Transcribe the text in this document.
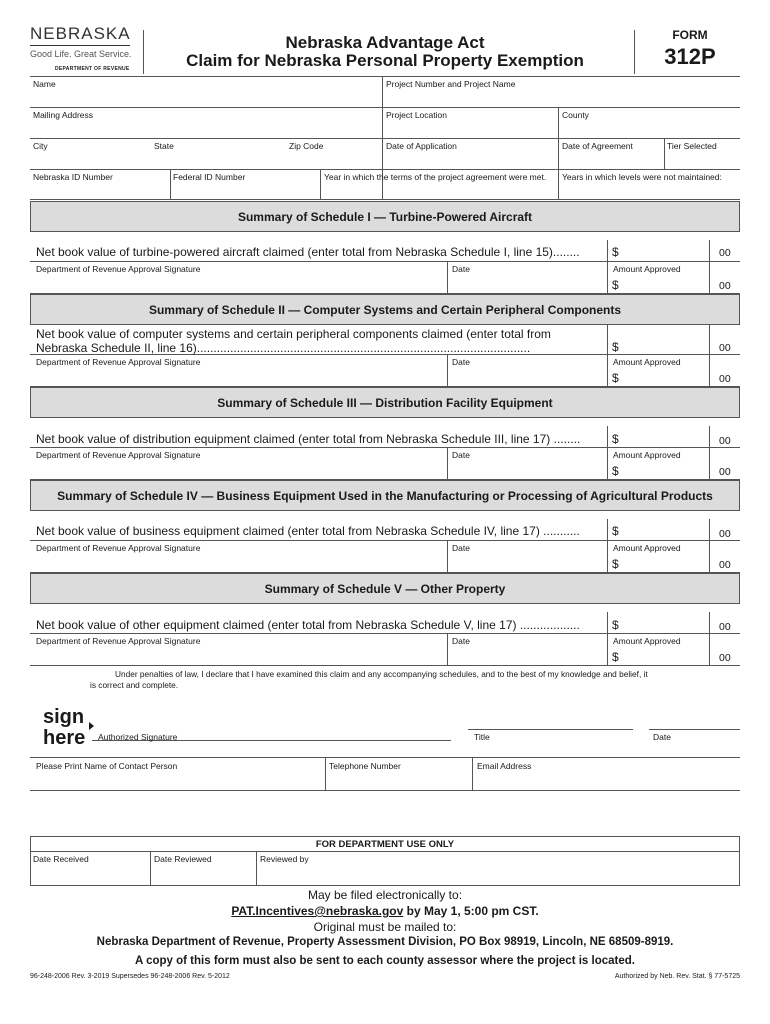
NEBRASKA
Good Life. Great Service.
DEPARTMENT OF REVENUE
Nebraska Advantage Act
Claim for Nebraska Personal Property Exemption
FORM
312P
Name	Project Number and Project Name
Mailing Address	Project Location	County
City	State	Zip Code	Date of Application	Date of Agreement	Tier Selected
Nebraska ID Number	Federal ID Number	Year in which the terms of the project agreement were met. Years in which levels were not maintained:
Summary of Schedule I — Turbine-Powered Aircraft
Net book value of turbine-powered aircraft claimed (enter total from Nebraska Schedule I, line 15)........	$	00
Department of Revenue Approval Signature	Date	Amount Approved
$	00
Summary of Schedule II — Computer Systems and Certain Peripheral Components
Net book value of computer systems and certain peripheral components claimed (enter total from
Nebraska Schedule II, line 16)....................................................................................................	$	00
Department of Revenue Approval Signature	Date	Amount Approved
$	00
Summary of Schedule III — Distribution Facility Equipment
Net book value of distribution equipment claimed (enter total from Nebraska Schedule III, line 17) ........	$	00
Department of Revenue Approval Signature	Date	Amount Approved
$	00
Summary of Schedule IV — Business Equipment Used in the Manufacturing or Processing of Agricultural Products
Net book value of business equipment claimed (enter total from Nebraska Schedule IV, line 17) ...........	$	00
Department of Revenue Approval Signature	Date	Amount Approved
$	00
Summary of Schedule V — Other Property
Net book value of other equipment claimed (enter total from Nebraska Schedule V, line 17) ..................	$	00
Department of Revenue Approval Signature	Date	Amount Approved
$	00
Under penalties of law, I declare that I have examined this claim and any accompanying schedules, and to the best of my knowledge and belief, it
is correct and complete.
sign
here Authorized Signature	Title	Date
Please Print Name of Contact Person	Telephone Number	Email Address
FOR DEPARTMENT USE ONLY
Date Received	Date Reviewed	Reviewed by
May be filed electronically to:
PAT.Incentives@nebraska.gov by May 1, 5:00 pm CST.
Original must be mailed to:
Nebraska Department of Revenue, Property Assessment Division, PO Box 98919, Lincoln, NE 68509-8919.
A copy of this form must also be sent to each county assessor where the project is located.
96-248-2006 Rev. 3-2019 Supersedes 96-248-2006 Rev. 5-2012	Authorized by Neb. Rev. Stat. § 77-5725
